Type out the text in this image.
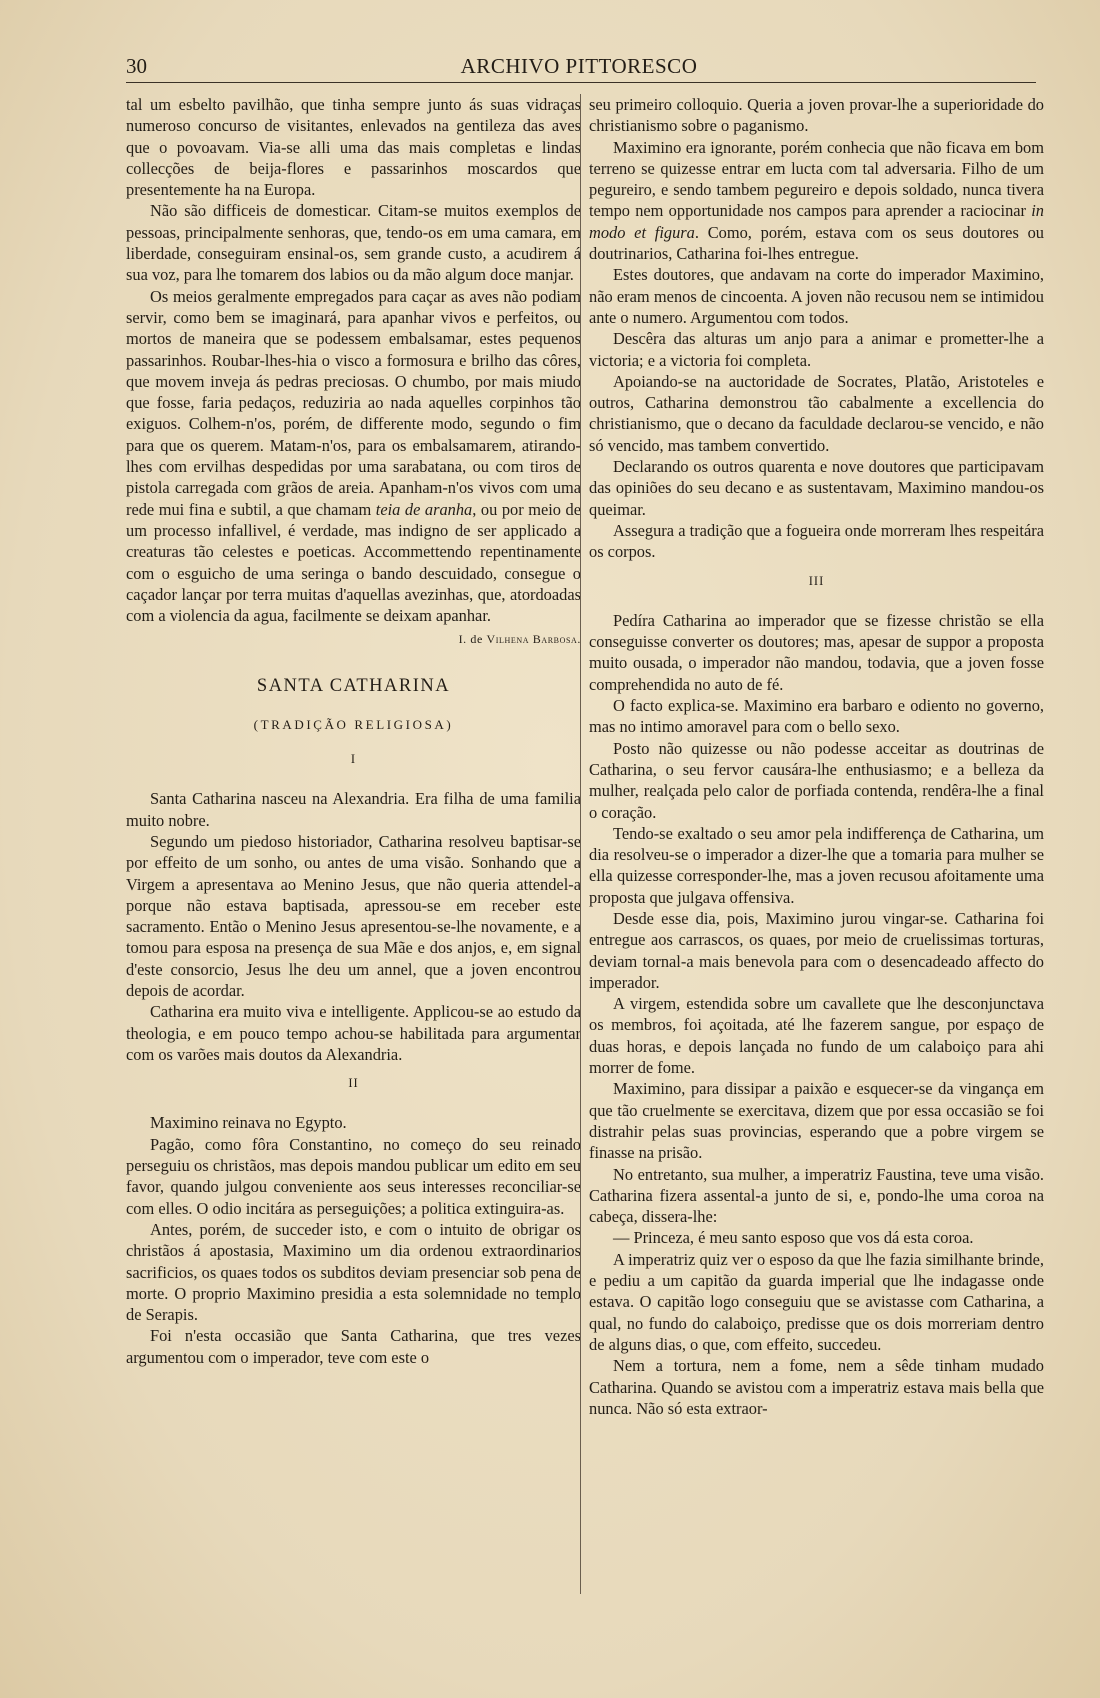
30	ARCHIVO PITTORESCO

tal um esbelto pavilhão, que tinha sempre junto ás suas vidraças numeroso concurso de visitantes, enlevados na gentileza das aves que o povoavam. Via-se alli uma das mais completas e lindas collecções de beija-flores e passarinhos moscardos que presentemente ha na Europa.

Não são difficeis de domesticar. Citam-se muitos exemplos de pessoas, principalmente senhoras, que, tendo-os em uma camara, em liberdade, conseguiram ensinal-os, sem grande custo, a acudirem á sua voz, para lhe tomarem dos labios ou da mão algum doce manjar.

Os meios geralmente empregados para caçar as aves não podiam servir, como bem se imaginará, para apanhar vivos e perfeitos, ou mortos de maneira que se podessem embalsamar, estes pequenos passarinhos. Roubar-lhes-hia o visco a formosura e brilho das côres, que movem inveja ás pedras preciosas. O chumbo, por mais miudo que fosse, faria pedaços, reduziria ao nada aquelles corpinhos tão exiguos. Colhem-n'os, porém, de differente modo, segundo o fim para que os querem. Matam-n'os, para os embalsamarem, atirando-lhes com ervilhas despedidas por uma sarabatana, ou com tiros de pistola carregada com grãos de areia. Apanham-n'os vivos com uma rede mui fina e subtil, a que chamam teia de aranha, ou por meio de um processo infallivel, é verdade, mas indigno de ser applicado a creaturas tão celestes e poeticas. Accommettendo repentinamente com o esguicho de uma seringa o bando descuidado, consegue o caçador lançar por terra muitas d'aquellas avezinhas, que, atordoadas com a violencia da agua, facilmente se deixam apanhar.
I. de Vilhena Barbosa.

SANTA CATHARINA
(TRADIÇÃO RELIGIOSA)
I

Santa Catharina nasceu na Alexandria. Era filha de uma familia muito nobre.

Segundo um piedoso historiador, Catharina resolveu baptisar-se por effeito de um sonho, ou antes de uma visão. Sonhando que a Virgem a apresentava ao Menino Jesus, que não queria attendel-a porque não estava baptisada, apressou-se em receber este sacramento. Então o Menino Jesus apresentou-se-lhe novamente, e a tomou para esposa na presença de sua Mãe e dos anjos, e, em signal d'este consorcio, Jesus lhe deu um annel, que a joven encontrou depois de acordar.

Catharina era muito viva e intelligente. Applicou-se ao estudo da theologia, e em pouco tempo achou-se habilitada para argumentar com os varões mais doutos da Alexandria.

II

Maximino reinava no Egypto.

Pagão, como fôra Constantino, no começo do seu reinado perseguiu os christãos, mas depois mandou publicar um edito em seu favor, quando julgou conveniente aos seus interesses reconciliar-se com elles. O odio incitára as perseguições; a politica extinguira-as.

Antes, porém, de succeder isto, e com o intuito de obrigar os christãos á apostasia, Maximino um dia ordenou extraordinarios sacrificios, os quaes todos os subditos deviam presenciar sob pena de morte. O proprio Maximino presidia a esta solemnidade no templo de Serapis.

Foi n'esta occasião que Santa Catharina, que tres vezes argumentou com o imperador, teve com este o

seu primeiro colloquio. Queria a joven provar-lhe a superioridade do christianismo sobre o paganismo.

Maximino era ignorante, porém conhecia que não ficava em bom terreno se quizesse entrar em lucta com tal adversaria. Filho de um pegureiro, e sendo tambem pegureiro e depois soldado, nunca tivera tempo nem opportunidade nos campos para aprender a raciocinar in modo et figura. Como, porém, estava com os seus doutores ou doutrinarios, Catharina foi-lhes entregue.

Estes doutores, que andavam na corte do imperador Maximino, não eram menos de cincoenta. A joven não recusou nem se intimidou ante o numero. Argumentou com todos.

Descêra das alturas um anjo para a animar e prometter-lhe a victoria; e a victoria foi completa.

Apoiando-se na auctoridade de Socrates, Platão, Aristoteles e outros, Catharina demonstrou tão cabalmente a excellencia do christianismo, que o decano da faculdade declarou-se vencido, e não só vencido, mas tambem convertido.

Declarando os outros quarenta e nove doutores que participavam das opiniões do seu decano e as sustentavam, Maximino mandou-os queimar.

Assegura a tradição que a fogueira onde morreram lhes respeitára os corpos.

III

Pedíra Catharina ao imperador que se fizesse christão se ella conseguisse converter os doutores; mas, apesar de suppor a proposta muito ousada, o imperador não mandou, todavia, que a joven fosse comprehendida no auto de fé.

O facto explica-se. Maximino era barbaro e odiento no governo, mas no intimo amoravel para com o bello sexo.

Posto não quizesse ou não podesse acceitar as doutrinas de Catharina, o seu fervor causára-lhe enthusiasmo; e a belleza da mulher, realçada pelo calor de porfiada contenda, rendêra-lhe a final o coração.

Tendo-se exaltado o seu amor pela indifferença de Catharina, um dia resolveu-se o imperador a dizer-lhe que a tomaria para mulher se ella quizesse corresponder-lhe, mas a joven recusou afoitamente uma proposta que julgava offensiva.

Desde esse dia, pois, Maximino jurou vingar-se. Catharina foi entregue aos carrascos, os quaes, por meio de cruelissimas torturas, deviam tornal-a mais benevola para com o desencadeado affecto do imperador.

A virgem, estendida sobre um cavallete que lhe desconjunctava os membros, foi açoitada, até lhe fazerem sangue, por espaço de duas horas, e depois lançada no fundo de um calaboiço para ahi morrer de fome.

Maximino, para dissipar a paixão e esquecer-se da vingança em que tão cruelmente se exercitava, dizem que por essa occasião se foi distrahir pelas suas provincias, esperando que a pobre virgem se finasse na prisão.

No entretanto, sua mulher, a imperatriz Faustina, teve uma visão. Catharina fizera assental-a junto de si, e, pondo-lhe uma coroa na cabeça, dissera-lhe:

— Princeza, é meu santo esposo que vos dá esta coroa.

A imperatriz quiz ver o esposo da que lhe fazia similhante brinde, e pediu a um capitão da guarda imperial que lhe indagasse onde estava. O capitão logo conseguiu que se avistasse com Catharina, a qual, no fundo do calaboiço, predisse que os dois morreriam dentro de alguns dias, o que, com effeito, succedeu.

Nem a tortura, nem a fome, nem a sêde tinham mudado Catharina. Quando se avistou com a imperatriz estava mais bella que nunca. Não só esta extraor-
